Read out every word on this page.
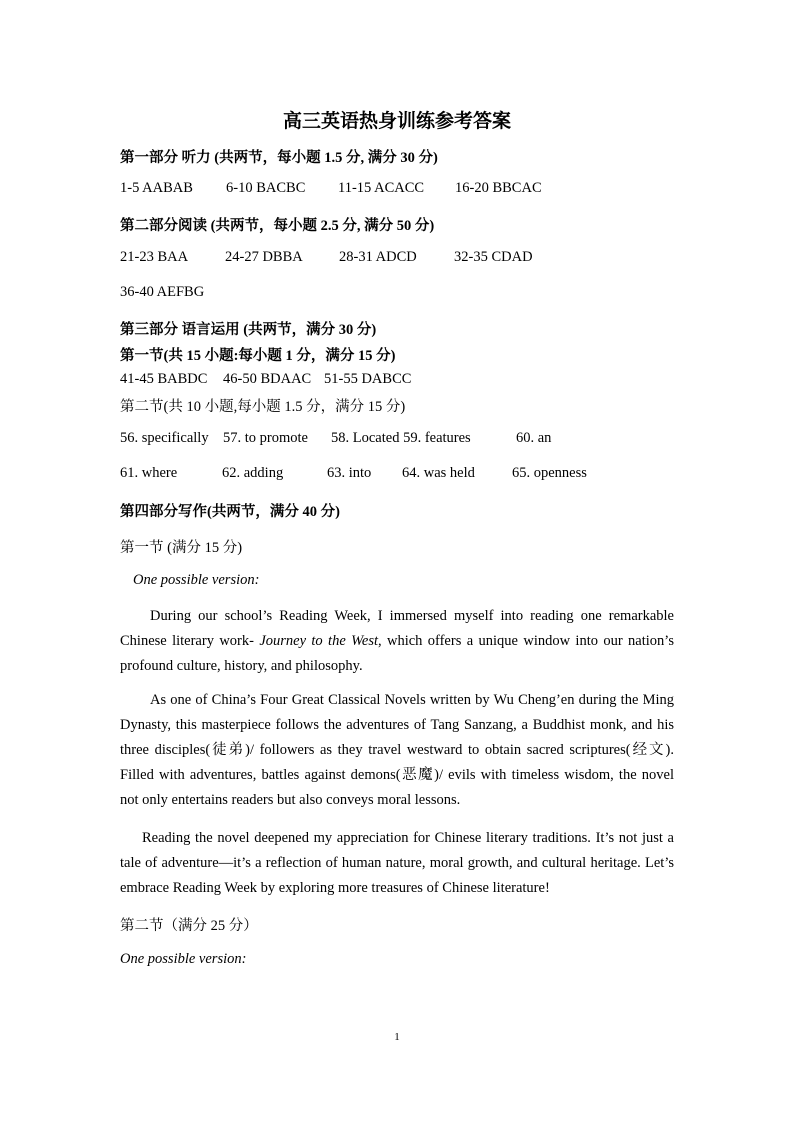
高三英语热身训练参考答案
第一部分 听力 (共两节，每小题 1.5 分, 满分 30 分)
1-5 AABAB 6-10 BACBC 11-15 ACACC 16-20 BBCAC
第二部分阅读 (共两节，每小题 2.5 分, 满分 50 分)
21-23 BAA	24-27 DBBA	28-31 ADCD	32-35 CDAD
36-40 AEFBG
第三部分 语言运用 (共两节，满分 30 分)
第一节(共 15 小题:每小题 1 分，满分 15 分)
41-45 BABDC 46-50 BDAAC 51-55 DABCC
第二节(共 10 小题,每小题 1.5 分，满分 15 分)
56. specifically 57. to promote 58. Located 59. features	60. an
61. where	62. adding	63. into 64. was held	65. openness
第四部分写作(共两节，满分 40 分)
第一节 (满分 15 分)
One possible version:
During our school’s Reading Week, I immersed myself into reading one remarkable Chinese literary work- Journey to the West, which offers a unique window into our nation’s profound culture, history, and philosophy.
As one of China’s Four Great Classical Novels written by Wu Cheng’en during the Ming Dynasty, this masterpiece follows the adventures of Tang Sanzang, a Buddhist monk, and his three disciples(徒弟)/ followers as they travel westward to obtain sacred scriptures(经文). Filled with adventures, battles against demons(恶魔)/ evils with timeless wisdom, the novel not only entertains readers but also conveys moral lessons.
Reading the novel deepened my appreciation for Chinese literary traditions. It’s not just a tale of adventure—it’s a reflection of human nature, moral growth, and cultural heritage. Let’s embrace Reading Week by exploring more treasures of Chinese literature!
第二节（满分 25 分）
One possible version:
1
